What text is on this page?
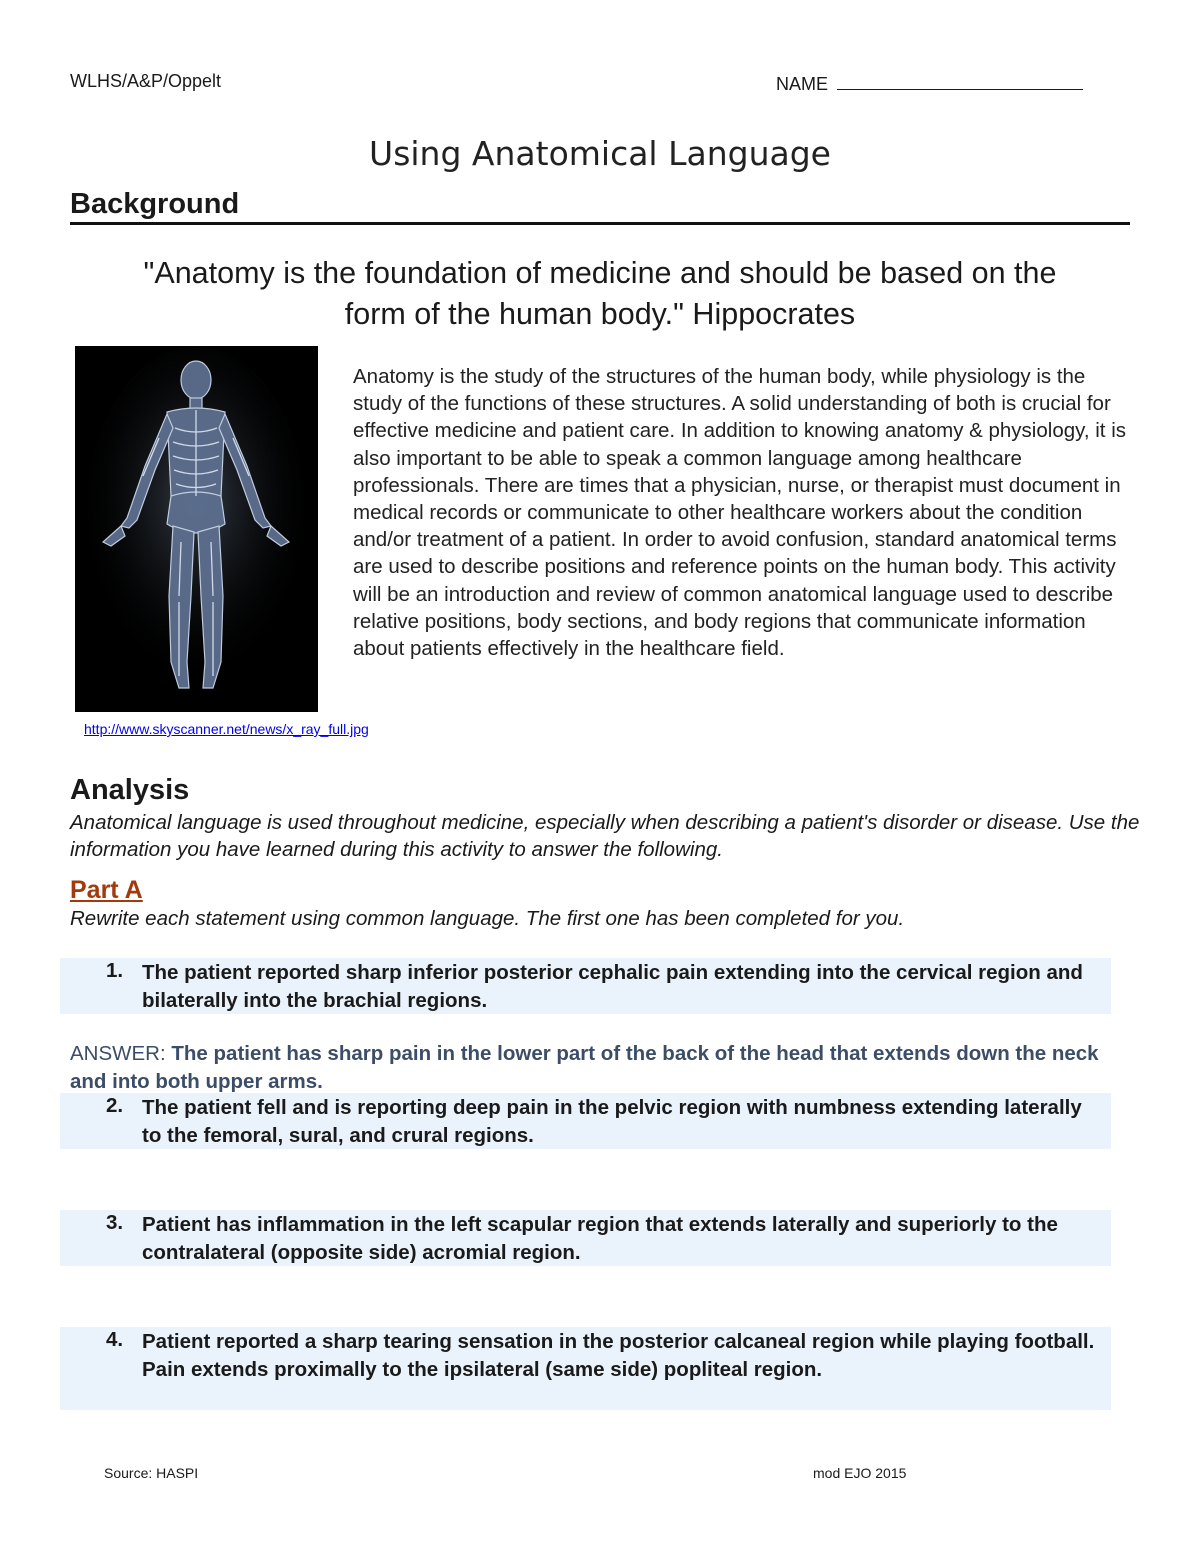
WLHS/A&P/Oppelt	NAME
Using Anatomical Language
Background
"Anatomy is the foundation of medicine and should be based on the
form of the human body." Hippocrates
http://www.skyscanner.net/news/x_ray_full.jpg
Anatomy is the study of the structures of the human body, while physiology is the study of the functions of these structures. A solid understanding of both is crucial for effective medicine and patient care. In addition to knowing anatomy & physiology, it is also important to be able to speak a common language among healthcare professionals. There are times that a physician, nurse, or therapist must document in medical records or communicate to other healthcare workers about the condition and/or treatment of a patient. In order to avoid confusion, standard anatomical terms are used to describe positions and reference points on the human body. This activity will be an introduction and review of common anatomical language used to describe relative positions, body sections, and body regions that communicate information about patients effectively in the healthcare field.
Analysis
Anatomical language is used throughout medicine, especially when describing a patient's disorder or disease. Use the information you have learned during this activity to answer the following.
Part A
Rewrite each statement using common language. The first one has been completed for you.
1. The patient reported sharp inferior posterior cephalic pain extending into the cervical region and bilaterally into the brachial regions.
ANSWER: The patient has sharp pain in the lower part of the back of the head that extends down the neck and into both upper arms.
2. The patient fell and is reporting deep pain in the pelvic region with numbness extending laterally to the femoral, sural, and crural regions.
3. Patient has inflammation in the left scapular region that extends laterally and superiorly to the contralateral (opposite side) acromial region.
4. Patient reported a sharp tearing sensation in the posterior calcaneal region while playing football. Pain extends proximally to the ipsilateral (same side) popliteal region.
Source: HASPI	mod EJO 2015
